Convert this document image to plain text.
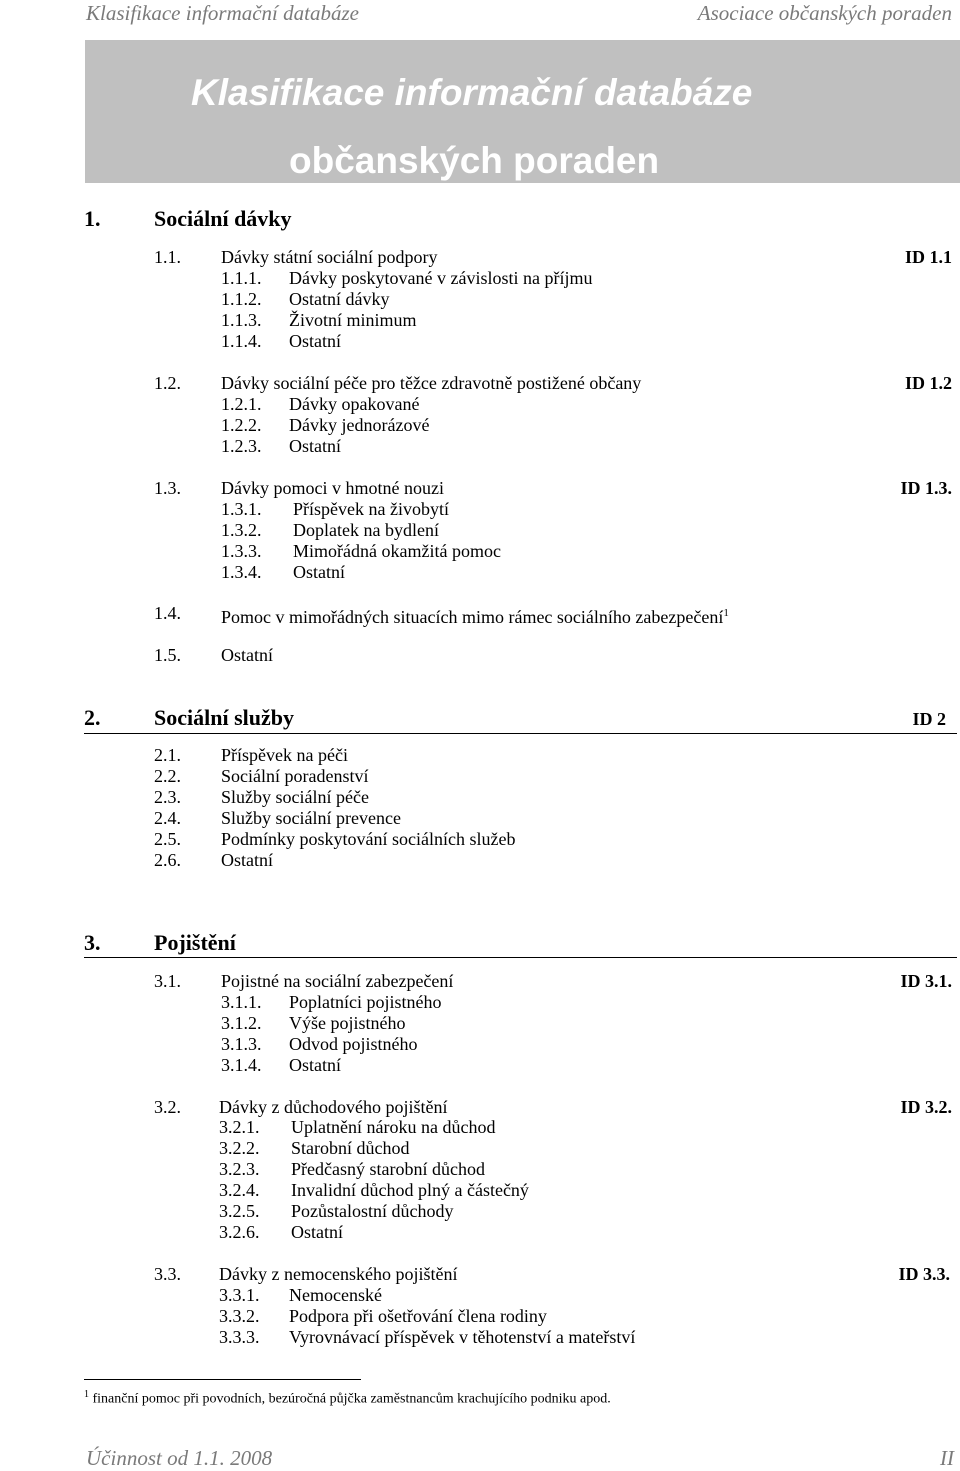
Klasifikace informační databáze	Asociace občanských poraden
Klasifikace informační databáze
občanských poraden
1. Sociální dávky
1.1. Dávky státní sociální podpory	ID 1.1
1.1.1. Dávky poskytované v závislosti na příjmu
1.1.2. Ostatní dávky
1.1.3. Životní minimum
1.1.4. Ostatní
1.2. Dávky sociální péče pro těžce zdravotně postižené občany	ID 1.2
1.2.1. Dávky opakované
1.2.2. Dávky jednorázové
1.2.3. Ostatní
1.3. Dávky pomoci v hmotné nouzi	ID 1.3.
1.3.1. Příspěvek na živobytí
1.3.2. Doplatek na bydlení
1.3.3. Mimořádná okamžitá pomoc
1.3.4. Ostatní
1.4. Pomoc v mimořádných situacích mimo rámec sociálního zabezpečení$^1$
1.5. Ostatní
2. Sociální služby	ID 2
2.1. Příspěvek na péči
2.2. Sociální poradenství
2.3. Služby sociální péče
2.4. Služby sociální prevence
2.5. Podmínky poskytování sociálních služeb
2.6. Ostatní
3. Pojištění
3.1. Pojistné na sociální zabezpečení	ID 3.1.
3.1.1. Poplatníci pojistného
3.1.2. Výše pojistného
3.1.3. Odvod pojistného
3.1.4. Ostatní
3.2. Dávky z důchodového pojištění	ID 3.2.
3.2.1. Uplatnění nároku na důchod
3.2.2. Starobní důchod
3.2.3. Předčasný starobní důchod
3.2.4. Invalidní důchod plný a částečný
3.2.5. Pozůstalostní důchody
3.2.6. Ostatní
3.3. Dávky z nemocenského pojištění	ID 3.3.
3.3.1. Nemocenské
3.3.2. Podpora při ošetřování člena rodiny
3.3.3. Vyrovnávací příspěvek v těhotenství a mateřství
$^1$ finanční pomoc při povodních, bezúročná půjčka zaměstnancům krachujícího podniku apod.
Účinnost od 1.1. 2008	II
